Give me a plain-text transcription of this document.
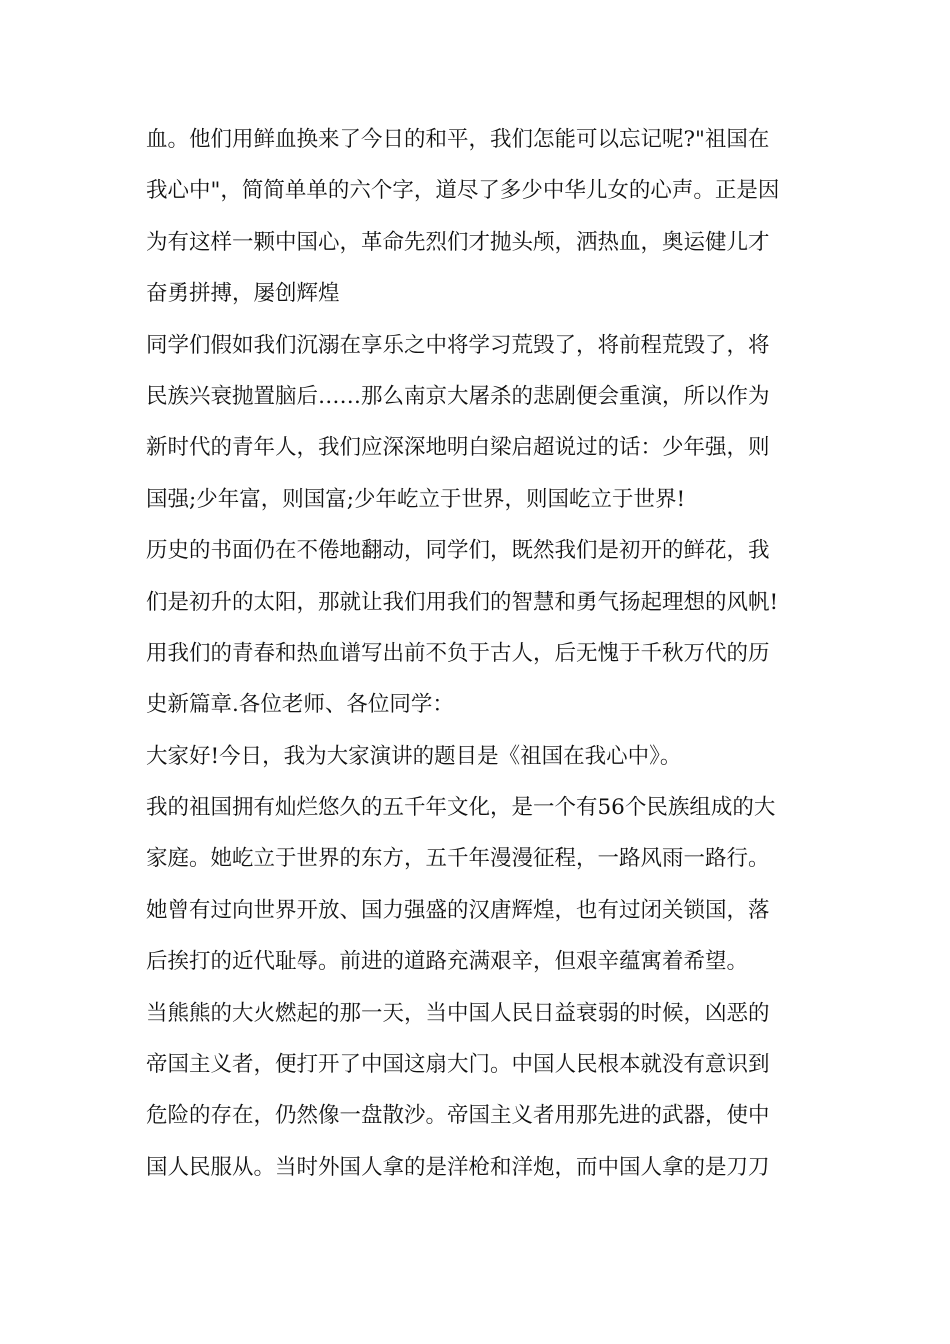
血。他们用鲜血换来了今日的和平，我们怎能可以忘记呢?"祖国在
我心中"，简简单单的六个字，道尽了多少中华儿女的心声。正是因
为有这样一颗中国心，革命先烈们才抛头颅，洒热血，奥运健儿才
奋勇拼搏，屡创辉煌
同学们假如我们沉溺在享乐之中将学习荒毁了，将前程荒毁了，将
民族兴衰抛置脑后……那么南京大屠杀的悲剧便会重演，所以作为
新时代的青年人，我们应深深地明白梁启超说过的话：少年强，则
国强;少年富，则国富;少年屹立于世界，则国屹立于世界!
历史的书面仍在不倦地翻动，同学们，既然我们是初开的鲜花，我
们是初升的太阳，那就让我们用我们的智慧和勇气扬起理想的风帆!
用我们的青春和热血谱写出前不负于古人，后无愧于千秋万代的历
史新篇章.各位老师、各位同学：
大家好!今日，我为大家演讲的题目是《祖国在我心中》。
我的祖国拥有灿烂悠久的五千年文化，是一个有56个民族组成的大
家庭。她屹立于世界的东方，五千年漫漫征程，一路风雨一路行。
她曾有过向世界开放、国力强盛的汉唐辉煌，也有过闭关锁国，落
后挨打的近代耻辱。前进的道路充满艰辛，但艰辛蕴寓着希望。
当熊熊的大火燃起的那一天，当中国人民日益衰弱的时候，凶恶的
帝国主义者，便打开了中国这扇大门。中国人民根本就没有意识到
危险的存在，仍然像一盘散沙。帝国主义者用那先进的武器，使中
国人民服从。当时外国人拿的是洋枪和洋炮，而中国人拿的是刀刀
